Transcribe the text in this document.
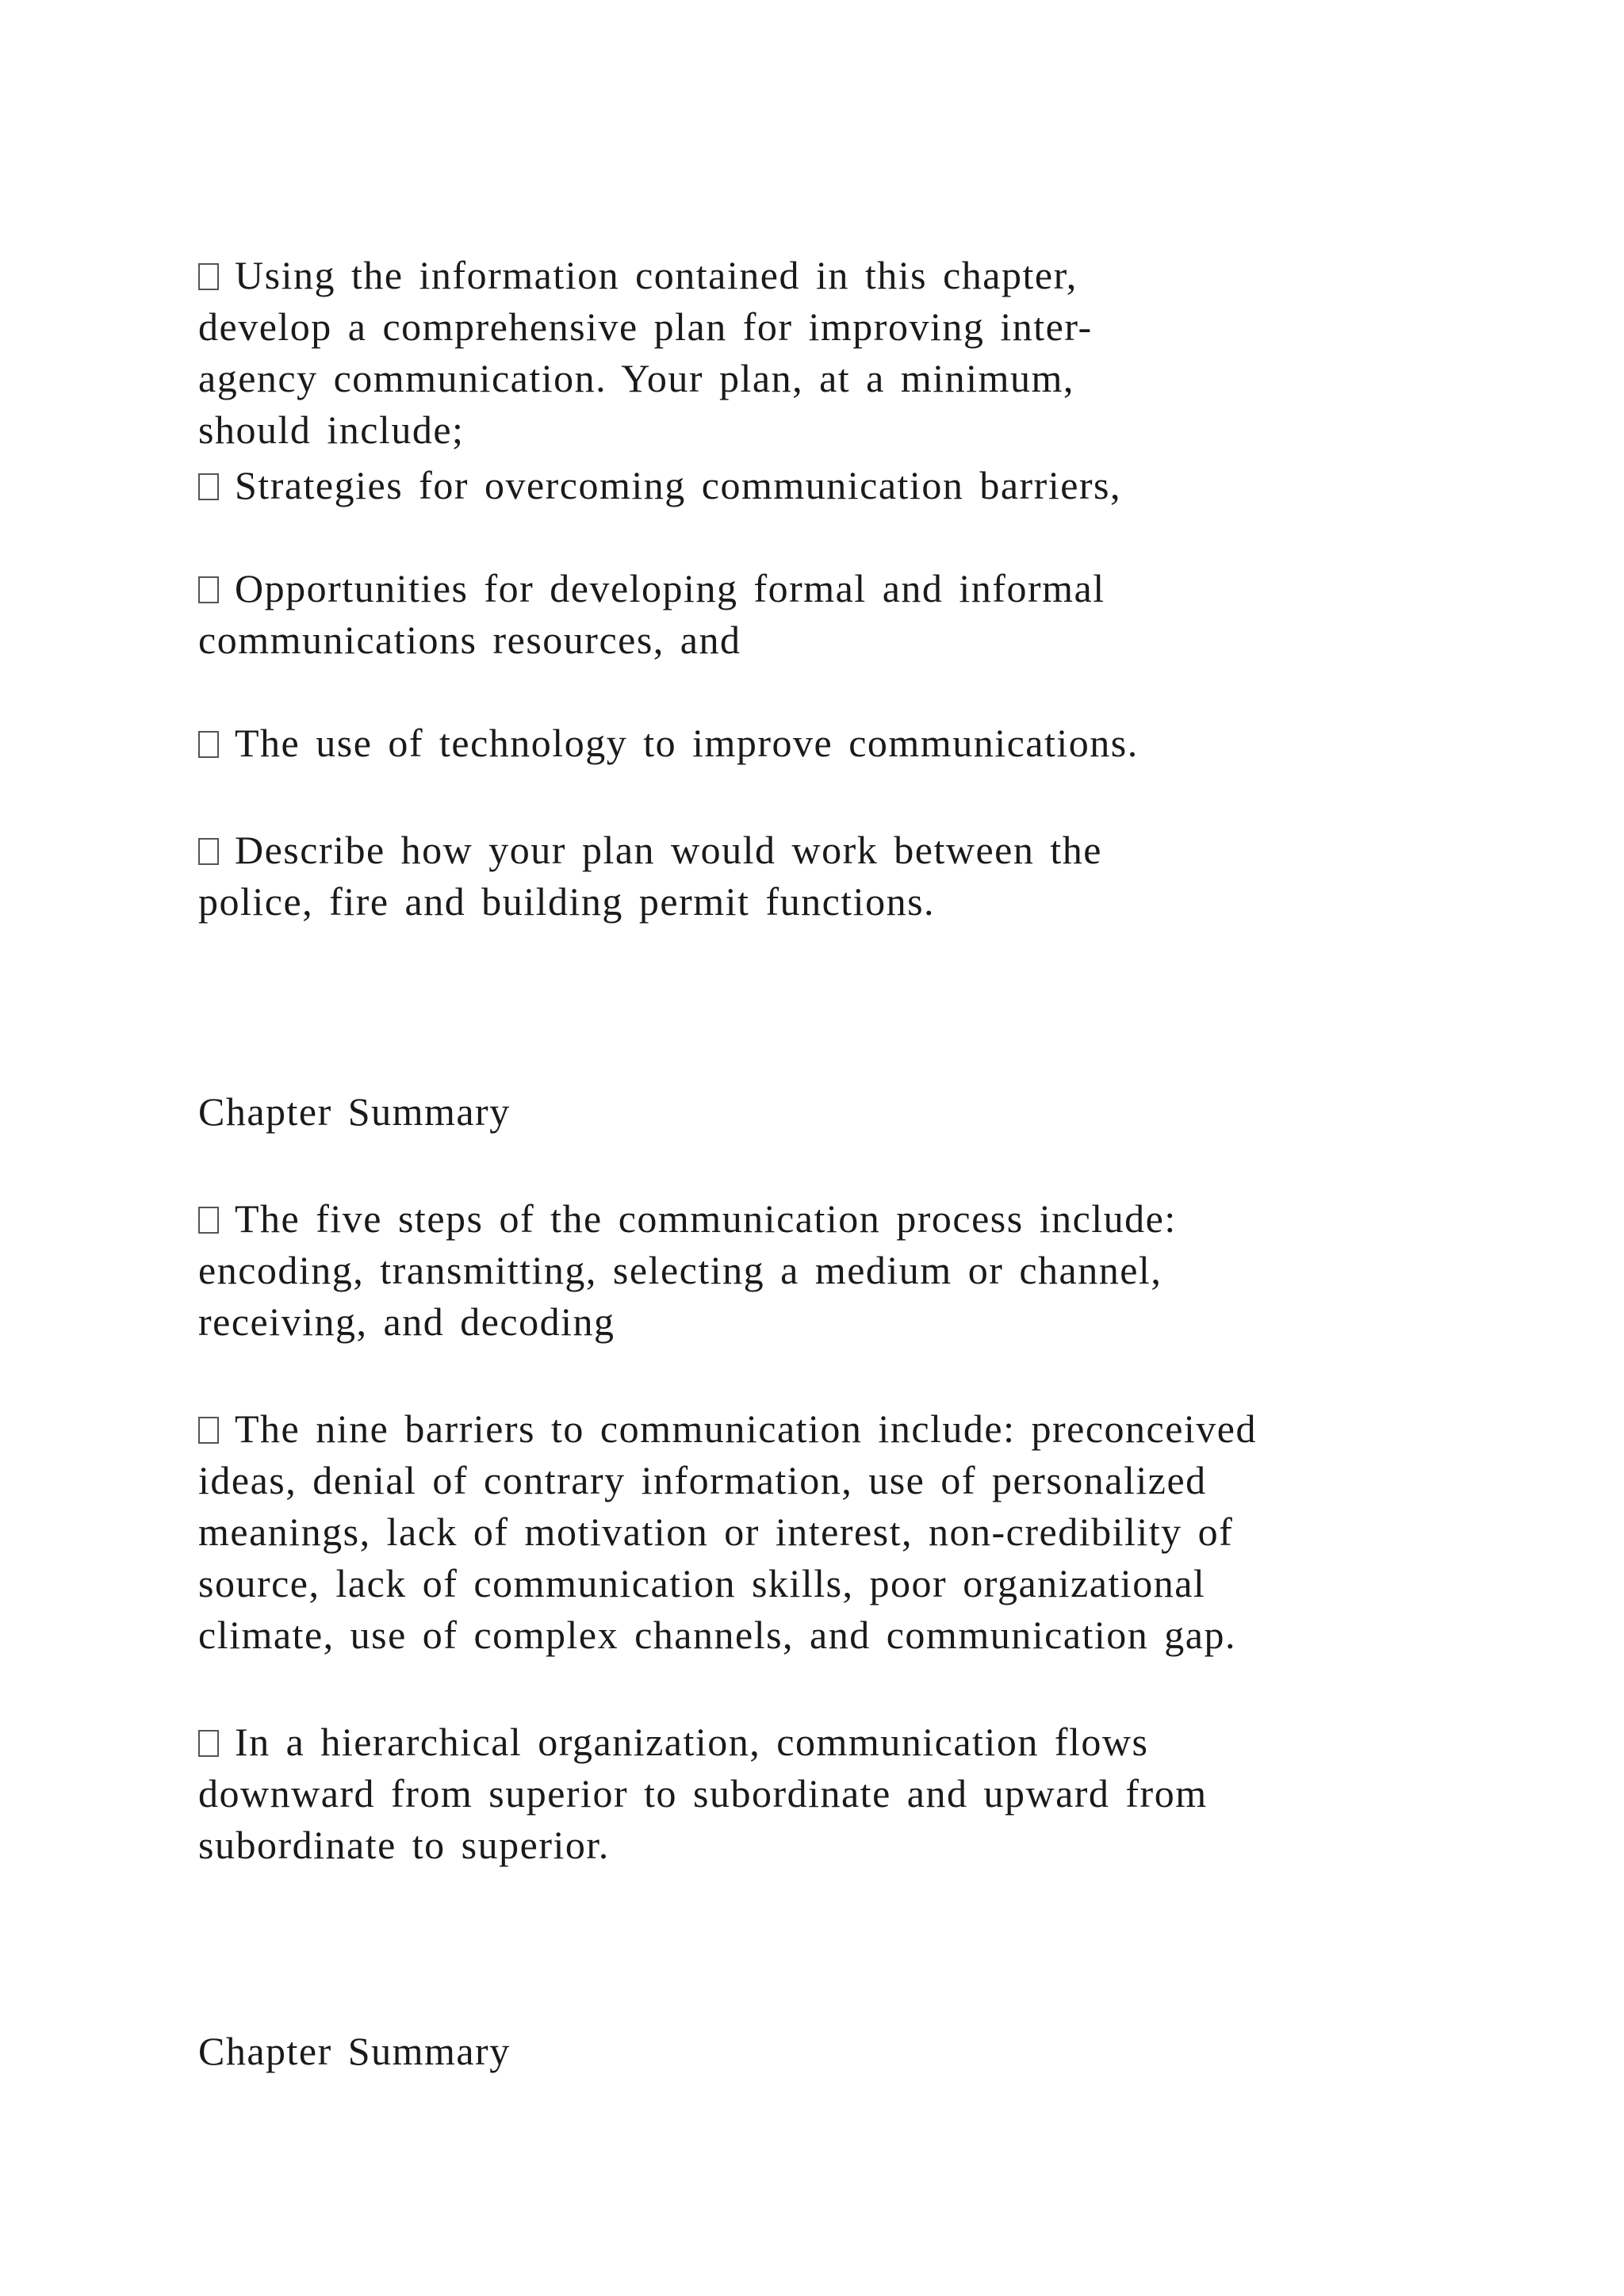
Using the information contained in this chapter,
develop a comprehensive plan for improving inter-
agency communication. Your plan, at a minimum,
should include;
Strategies for overcoming communication barriers,
Opportunities for developing formal and informal
communications resources, and
The use of technology to improve communications.
Describe how your plan would work between the
police, fire and building permit functions.
Chapter Summary
The five steps of the communication process include:
encoding, transmitting, selecting a medium or channel,
receiving, and decoding
The nine barriers to communication include: preconceived
ideas, denial of contrary information, use of personalized
meanings, lack of motivation or interest, non-credibility of
source, lack of communication skills, poor organizational
climate, use of complex channels, and communication gap.
In a hierarchical organization, communication flows
downward from superior to subordinate and upward from
subordinate to superior.
Chapter Summary
